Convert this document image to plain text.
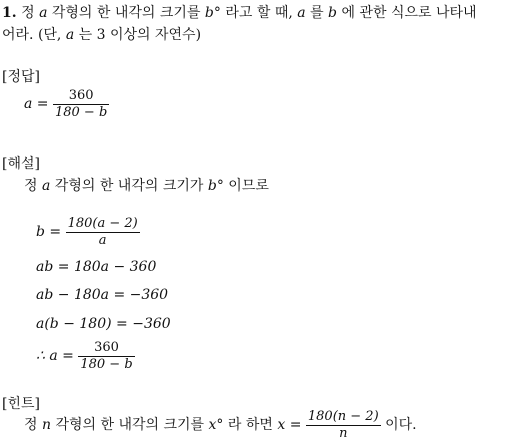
1. 정 a 각형의 한 내각의 크기를 b° 라고 할 때, a 를 b 에 관한 식으로 나타내
어라. (단, a 는 3 이상의 자연수)
[정답]
$a = \frac{360}{180 - b}$
[해설]
정 a 각형의 한 내각의 크기가 b° 이므로
$b = \frac{180(a - 2)}{a}$
ab = 180a − 360
ab − 180a = −360
a(b − 180) = −360
∴ $a = \frac{360}{180 - b}$
[힌트]
정 n 각형의 한 내각의 크기를 x° 라 하면 $x = \frac{180(n - 2)}{n}$ 이다.
